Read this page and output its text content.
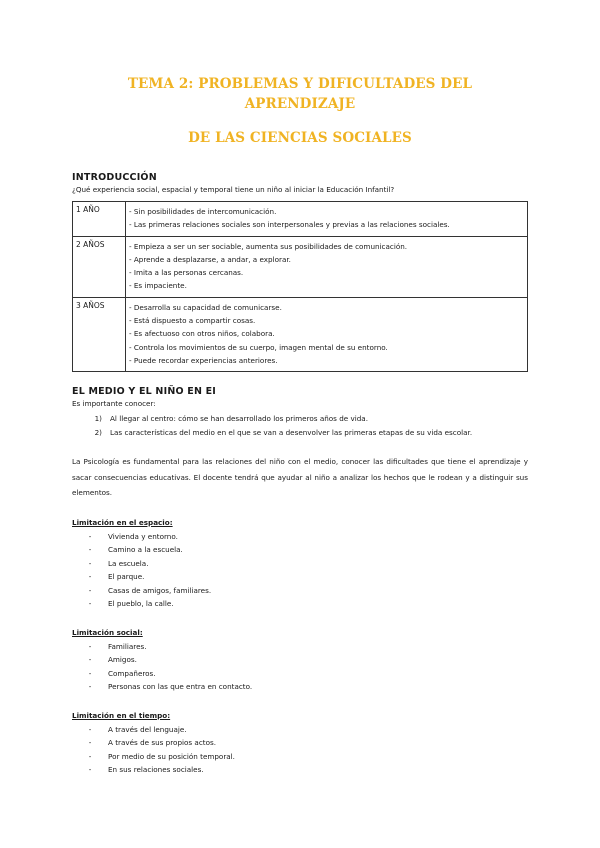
TEMA 2: PROBLEMAS Y DIFICULTADES DEL APRENDIZAJE
DE LAS CIENCIAS SOCIALES
INTRODUCCIÓN

¿Qué experiencia social, espacial y temporal tiene un niño al iniciar la Educación Infantil?

1 AÑO	- Sin posibilidades de intercomunicación.
- Las primeras relaciones sociales son interpersonales y previas a las relaciones sociales.

2 AÑOS	- Empieza a ser un ser sociable, aumenta sus posibilidades de comunicación.
- Aprende a desplazarse, a andar, a explorar.
- Imita a las personas cercanas.
- Es impaciente.

3 AÑOS	- Desarrolla su capacidad de comunicarse.
- Está dispuesto a compartir cosas.
- Es afectuoso con otros niños, colabora.
- Controla los movimientos de su cuerpo, imagen mental de su entorno.
- Puede recordar experiencias anteriores.
EL MEDIO Y EL NIÑO EN EI

Es importante conocer:

1)	Al llegar al centro: cómo se han desarrollado los primeros años de vida.
2)	Las características del medio en el que se van a desenvolver las primeras etapas de su vida escolar.

La Psicología es fundamental para las relaciones del niño con el medio, conocer las dificultades que tiene el aprendizaje y sacar consecuencias educativas. El docente tendrá que ayudar al niño a analizar los hechos que le rodean y a distinguir sus elementos.

Limitación en el espacio:

-	Vivienda y entorno.
-	Camino a la escuela.
-	La escuela.
-	El parque.
-	Casas de amigos, familiares.
-	El pueblo, la calle.

Limitación social:

-	Familiares.
-	Amigos.
-	Compañeros.
-	Personas con las que entra en contacto.

Limitación en el tiempo:

-	A través del lenguaje.
-	A través de sus propios actos.
-	Por medio de su posición temporal.
-	En sus relaciones sociales.
